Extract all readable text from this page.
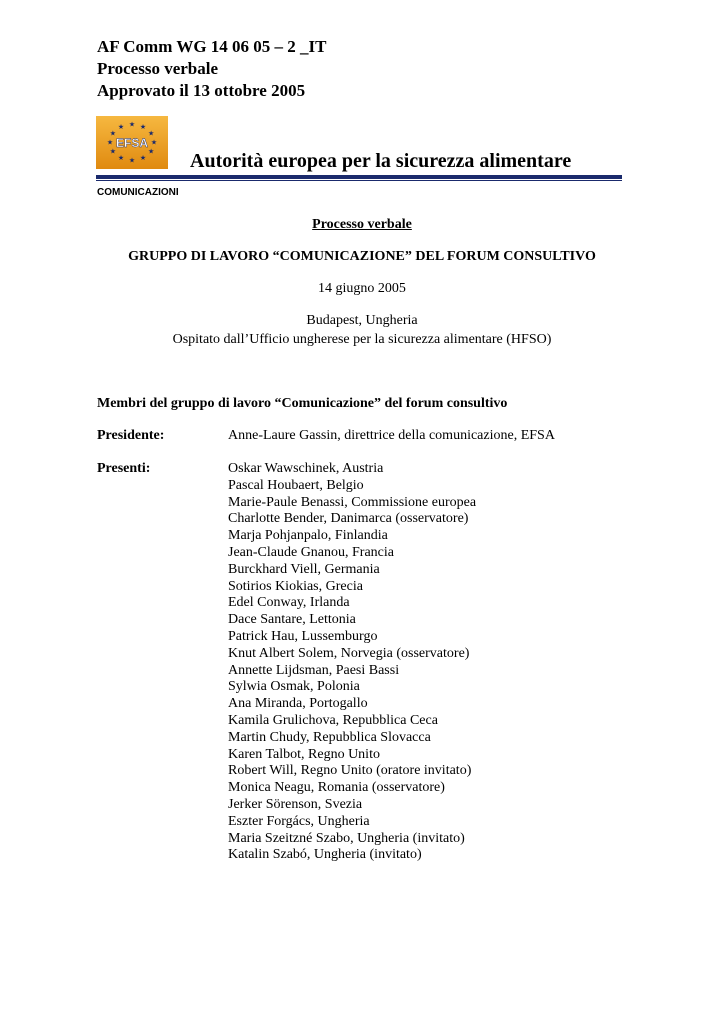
AF Comm WG 14 06 05 – 2 _IT
Processo verbale
Approvato il 13 ottobre 2005
★ ★
★
★
★
★
★
★
★
★
★
★
EFSA
Autorità europea per la sicurezza alimentare
COMUNICAZIONI
Processo verbale
GRUPPO DI LAVORO “COMUNICAZIONE” DEL FORUM CONSULTIVO
14 giugno 2005
Budapest, Ungheria
Ospitato dall’Ufficio ungherese per la sicurezza alimentare (HFSO)
Membri del gruppo di lavoro “Comunicazione” del forum consultivo
Presidente:	Anne-Laure Gassin, direttrice della comunicazione, EFSA
Presenti:	Oskar Wawschinek, Austria
Pascal Houbaert, Belgio
Marie-Paule Benassi, Commissione europea
Charlotte Bender, Danimarca (osservatore)
Marja Pohjanpalo, Finlandia
Jean-Claude Gnanou, Francia
Burckhard Viell, Germania
Sotirios Kiokias, Grecia
Edel Conway, Irlanda
Dace Santare, Lettonia
Patrick Hau, Lussemburgo
Knut Albert Solem, Norvegia (osservatore)
Annette Lijdsman, Paesi Bassi
Sylwia Osmak, Polonia
Ana Miranda, Portogallo
Kamila Grulichova, Repubblica Ceca
Martin Chudy, Repubblica Slovacca
Karen Talbot, Regno Unito
Robert Will, Regno Unito (oratore invitato)
Monica Neagu, Romania (osservatore)
Jerker Sörenson, Svezia
Eszter Forgács, Ungheria
Maria Szeitzné Szabo, Ungheria (invitato)
Katalin Szabó, Ungheria (invitato)
